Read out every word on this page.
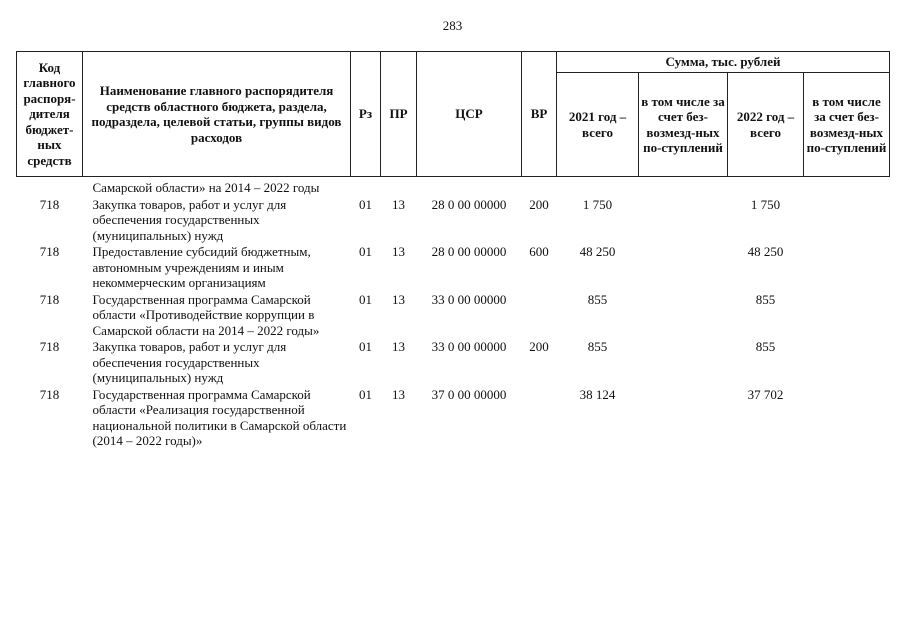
283
Код главного распоря-дителя бюджет-ных средств	Наименование главного распорядителя средств областного бюджета, раздела, подраздела, целевой статьи, группы видов расходов	Рз	ПР	ЦСР	ВР	Сумма, тыс. рублей			
						2021 год – всего	в том числе за счет без-возмезд-ных по-ступлений	2022 год – всего	в том числе за счет без-возмезд-ных по-ступлений
	Самарской области» на 2014 – 2022 годы								
718	Закупка товаров, работ и услуг для обеспечения государственных (муниципальных) нужд	01	13	28 0 00 00000	200	1 750		1 750	
718	Предоставление субсидий бюджетным, автономным учреждениям и иным некоммерческим организациям	01	13	28 0 00 00000	600	48 250		48 250	
718	Государственная программа Самарской области «Противодействие коррупции в Самарской области на 2014 – 2022 годы»	01	13	33 0 00 00000		855		855	
718	Закупка товаров, работ и услуг для обеспечения государственных (муниципальных) нужд	01	13	33 0 00 00000	200	855		855	
718	Государственная программа Самарской области «Реализация государственной национальной политики в Самарской области (2014 – 2022 годы)»	01	13	37 0 00 00000		38 124		37 702	
